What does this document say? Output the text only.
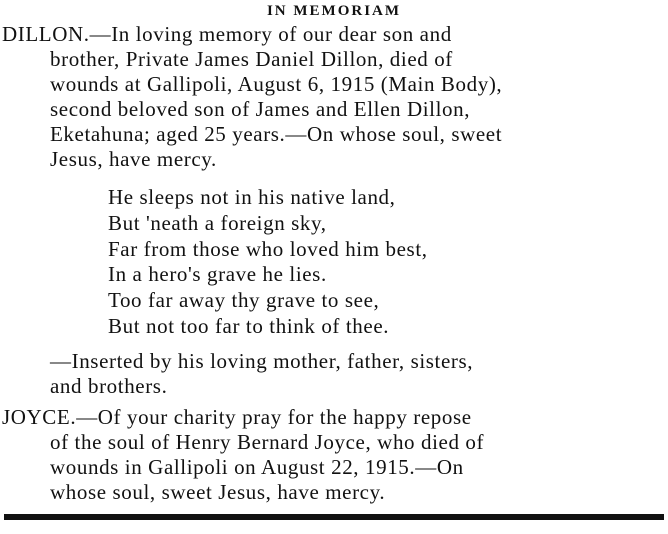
IN MEMORIAM
DILLON.—In loving memory of our dear son and
brother, Private James Daniel Dillon, died of
wounds at Gallipoli, August 6, 1915 (Main Body),
second beloved son of James and Ellen Dillon,
Eketahuna; aged 25 years.—On whose soul, sweet
Jesus, have mercy.
He sleeps not in his native land,
But 'neath a foreign sky,
Far from those who loved him best,
In a hero's grave he lies.
Too far away thy grave to see,
But not too far to think of thee.
—Inserted by his loving mother, father, sisters,
and brothers.
JOYCE.—Of your charity pray for the happy repose
of the soul of Henry Bernard Joyce, who died of
wounds in Gallipoli on August 22, 1915.—On
whose soul, sweet Jesus, have mercy.
